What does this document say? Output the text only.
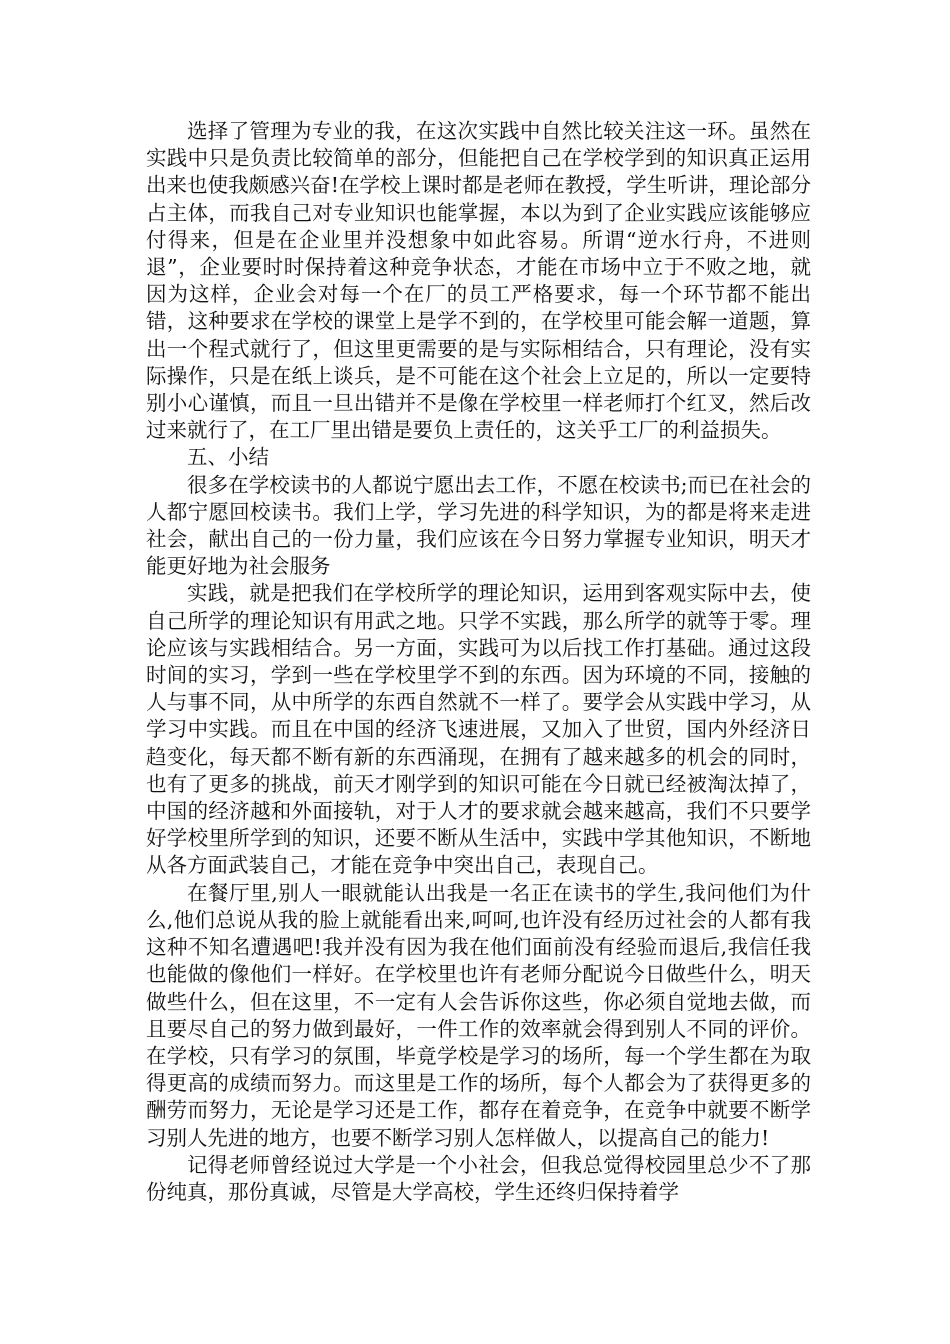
选择了管理为专业的我，在这次实践中自然比较关注这一环。虽然在实践中只是负责比较简单的部分，但能把自己在学校学到的知识真正运用出来也使我颇感兴奋!在学校上课时都是老师在教授，学生听讲，理论部分占主体，而我自己对专业知识也能掌握，本以为到了企业实践应该能够应付得来，但是在企业里并没想象中如此容易。所谓“逆水行舟，不进则退”，企业要时时保持着这种竞争状态，才能在市场中立于不败之地，就因为这样，企业会对每一个在厂的员工严格要求，每一个环节都不能出错，这种要求在学校的课堂上是学不到的，在学校里可能会解一道题，算出一个程式就行了，但这里更需要的是与实际相结合，只有理论，没有实际操作，只是在纸上谈兵，是不可能在这个社会上立足的，所以一定要特别小心谨慎，而且一旦出错并不是像在学校里一样老师打个红叉，然后改过来就行了，在工厂里出错是要负上责任的，这关乎工厂的利益损失。

五、小结

很多在学校读书的人都说宁愿出去工作，不愿在校读书;而已在社会的人都宁愿回校读书。我们上学，学习先进的科学知识，为的都是将来走进社会，献出自己的一份力量，我们应该在今日努力掌握专业知识，明天才能更好地为社会服务

实践，就是把我们在学校所学的理论知识，运用到客观实际中去，使自己所学的理论知识有用武之地。只学不实践，那么所学的就等于零。理论应该与实践相结合。另一方面，实践可为以后找工作打基础。通过这段时间的实习，学到一些在学校里学不到的东西。因为环境的不同，接触的人与事不同，从中所学的东西自然就不一样了。要学会从实践中学习，从学习中实践。而且在中国的经济飞速进展，又加入了世贸，国内外经济日趋变化，每天都不断有新的东西涌现，在拥有了越来越多的机会的同时，也有了更多的挑战，前天才刚学到的知识可能在今日就已经被淘汰掉了，中国的经济越和外面接轨，对于人才的要求就会越来越高，我们不只要学好学校里所学到的知识，还要不断从生活中，实践中学其他知识，不断地从各方面武装自己，才能在竞争中突出自己，表现自己。

在餐厅里,别人一眼就能认出我是一名正在读书的学生,我问他们为什么,他们总说从我的脸上就能看出来,呵呵,也许没有经历过社会的人都有我这种不知名遭遇吧!我并没有因为我在他们面前没有经验而退后,我信任我也能做的像他们一样好。在学校里也许有老师分配说今日做些什么，明天做些什么，但在这里，不一定有人会告诉你这些，你必须自觉地去做，而且要尽自己的努力做到最好，一件工作的效率就会得到别人不同的评价。在学校，只有学习的氛围，毕竟学校是学习的场所，每一个学生都在为取得更高的成绩而努力。而这里是工作的场所，每个人都会为了获得更多的酬劳而努力，无论是学习还是工作，都存在着竞争，在竞争中就要不断学习别人先进的地方，也要不断学习别人怎样做人，以提高自己的能力!

记得老师曾经说过大学是一个小社会，但我总觉得校园里总少不了那份纯真，那份真诚，尽管是大学高校，学生还终归保持着学
